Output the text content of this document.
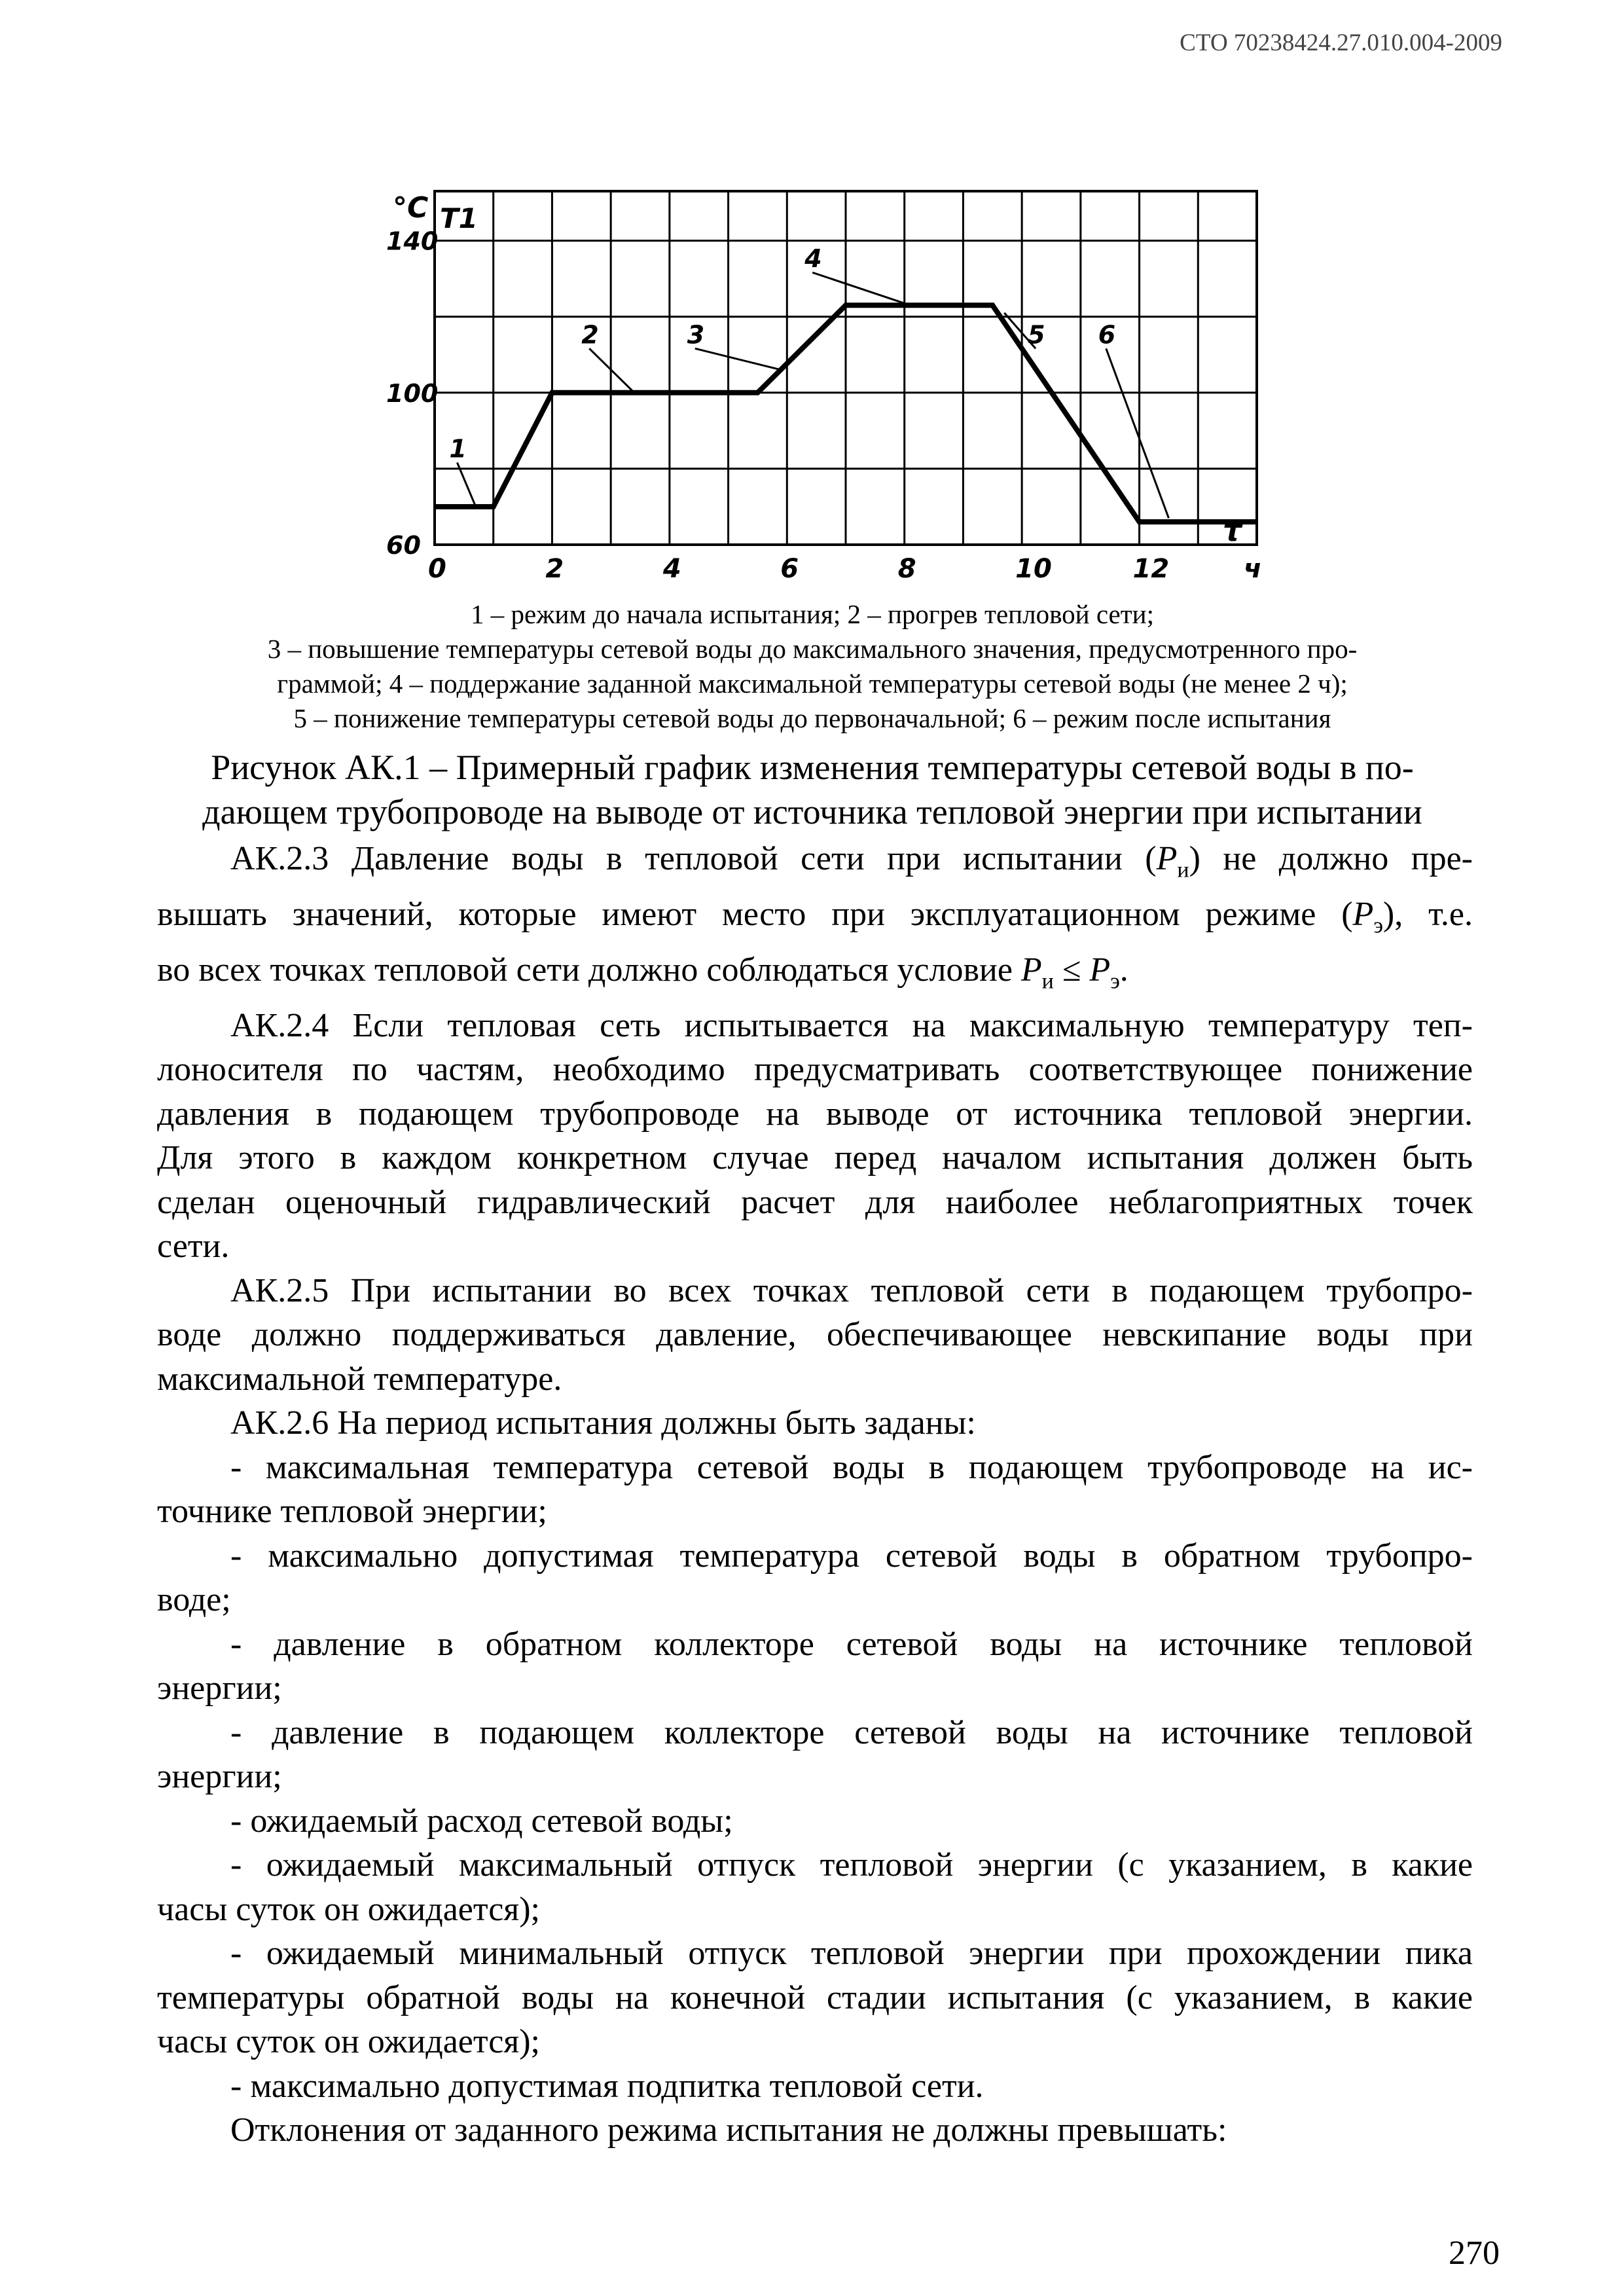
СТО 70238424.27.010.004-2009
0	2	4	6	8	10	12	ч
60
100
140
°C T1
τ
1
2	3
4
5 6
1 – режим до начала испытания; 2 – прогрев тепловой сети;
3 – повышение температуры сетевой воды до максимального значения, предусмотренного про-
граммой; 4 – поддержание заданной максимальной температуры сетевой воды (не менее 2 ч);
5 – понижение температуры сетевой воды до первоначальной; 6 – режим после испытания
Рисунок АК.1 – Примерный график изменения температуры сетевой воды в по-
дающем трубопроводе на выводе от источника тепловой энергии при испытании
АК.2.3 Давление воды в тепловой сети при испытании $(P_и)$ не должно пре-
вышать значений, которые имеют место при эксплуатационном режиме $(P_э)$, т.е.
во всех точках тепловой сети должно соблюдаться условие $P_и \le P_э$.
АК.2.4 Если тепловая сеть испытывается на максимальную температуру теп-
лоносителя по частям, необходимо предусматривать соответствующее понижение
давления в подающем трубопроводе на выводе от источника тепловой энергии.
Для этого в каждом конкретном случае перед началом испытания должен быть
сделан оценочный гидравлический расчет для наиболее неблагоприятных точек
сети.
АК.2.5 При испытании во всех точках тепловой сети в подающем трубопро-
воде должно поддерживаться давление, обеспечивающее невскипание воды при
максимальной температуре.
АК.2.6 На период испытания должны быть заданы:
- максимальная температура сетевой воды в подающем трубопроводе на ис-
точнике тепловой энергии;
- максимально допустимая температура сетевой воды в обратном трубопро-
воде;
- давление в обратном коллекторе сетевой воды на источнике тепловой
энергии;
- давление в подающем коллекторе сетевой воды на источнике тепловой
энергии;
- ожидаемый расход сетевой воды;
- ожидаемый максимальный отпуск тепловой энергии (с указанием, в какие
часы суток он ожидается);
- ожидаемый минимальный отпуск тепловой энергии при прохождении пика
температуры обратной воды на конечной стадии испытания (с указанием, в какие
часы суток он ожидается);
- максимально допустимая подпитка тепловой сети.
Отклонения от заданного режима испытания не должны превышать:
270
